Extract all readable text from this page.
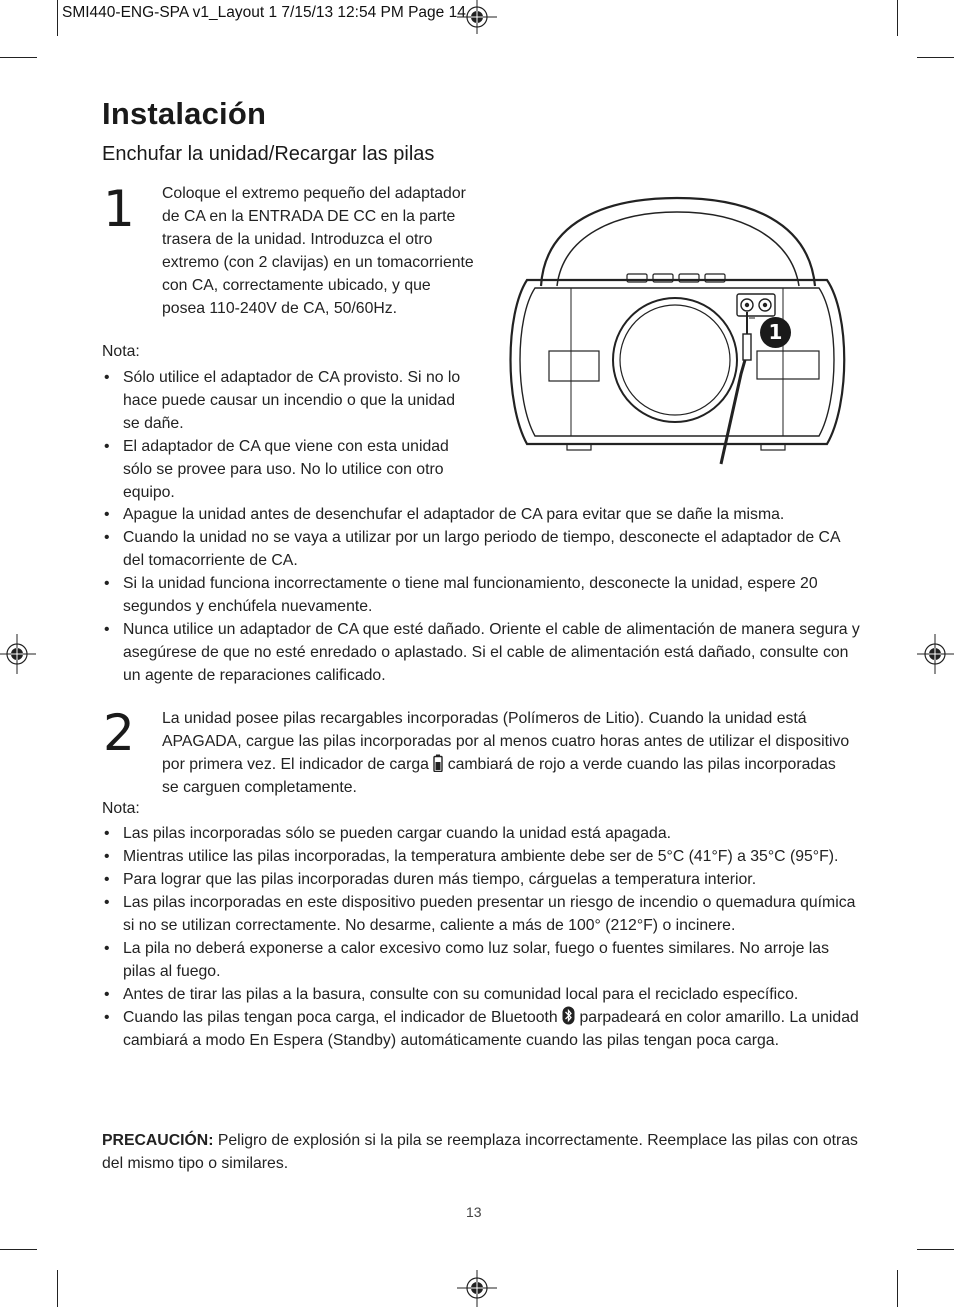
SMI440-ENG-SPA v1_Layout 1 7/15/13 12:54 PM Page 14
Instalación
Enchufar la unidad/Recargar las pilas
1 Coloque el extremo pequeño del adaptador de CA en la ENTRADA DE CC en la parte trasera de la unidad. Introduzca el otro extremo (con 2 clavijas) en un tomacorriente con CA, correctamente ubicado, y que posea 110-240V de CA, 50/60Hz.
Nota:
• Sólo utilice el adaptador de CA provisto. Si no lo hace puede causar un incendio o que la unidad se dañe.
• El adaptador de CA que viene con esta unidad sólo se provee para uso. No lo utilice con otro equipo.
1
• Apague la unidad antes de desenchufar el adaptador de CA para evitar que se dañe la misma.
• Cuando la unidad no se vaya a utilizar por un largo periodo de tiempo, desconecte el adaptador de CA del tomacorriente de CA.
• Si la unidad funciona incorrectamente o tiene mal funcionamiento, desconecte la unidad, espere 20 segundos y enchúfela nuevamente.
• Nunca utilice un adaptador de CA que esté dañado. Oriente el cable de alimentación de manera segura y asegúrese de que no esté enredado o aplastado. Si el cable de alimentación está dañado, consulte con un agente de reparaciones calificado.
2 La unidad posee pilas recargables incorporadas (Polímeros de Litio). Cuando la unidad está APAGADA, cargue las pilas incorporadas por al menos cuatro horas antes de utilizar el dispositivo por primera vez. El indicador de carga cambiará de rojo a verde cuando las pilas incorporadas se carguen completamente.
Nota:
• Las pilas incorporadas sólo se pueden cargar cuando la unidad está apagada.
• Mientras utilice las pilas incorporadas, la temperatura ambiente debe ser de 5°C (41°F) a 35°C (95°F).
• Para lograr que las pilas incorporadas duren más tiempo, cárguelas a temperatura interior.
• Las pilas incorporadas en este dispositivo pueden presentar un riesgo de incendio o quemadura química si no se utilizan correctamente. No desarme, caliente a más de 100° (212°F) o incinere.
• La pila no deberá exponerse a calor excesivo como luz solar, fuego o fuentes similares. No arroje las pilas al fuego.
• Antes de tirar las pilas a la basura, consulte con su comunidad local para el reciclado específico.
• Cuando las pilas tengan poca carga, el indicador de Bluetooth parpadeará en color amarillo. La unidad cambiará a modo En Espera (Standby) automáticamente cuando las pilas tengan poca carga.
PRECAUCIÓN: Peligro de explosión si la pila se reemplaza incorrectamente. Reemplace las pilas con otras del mismo tipo o similares.
13
